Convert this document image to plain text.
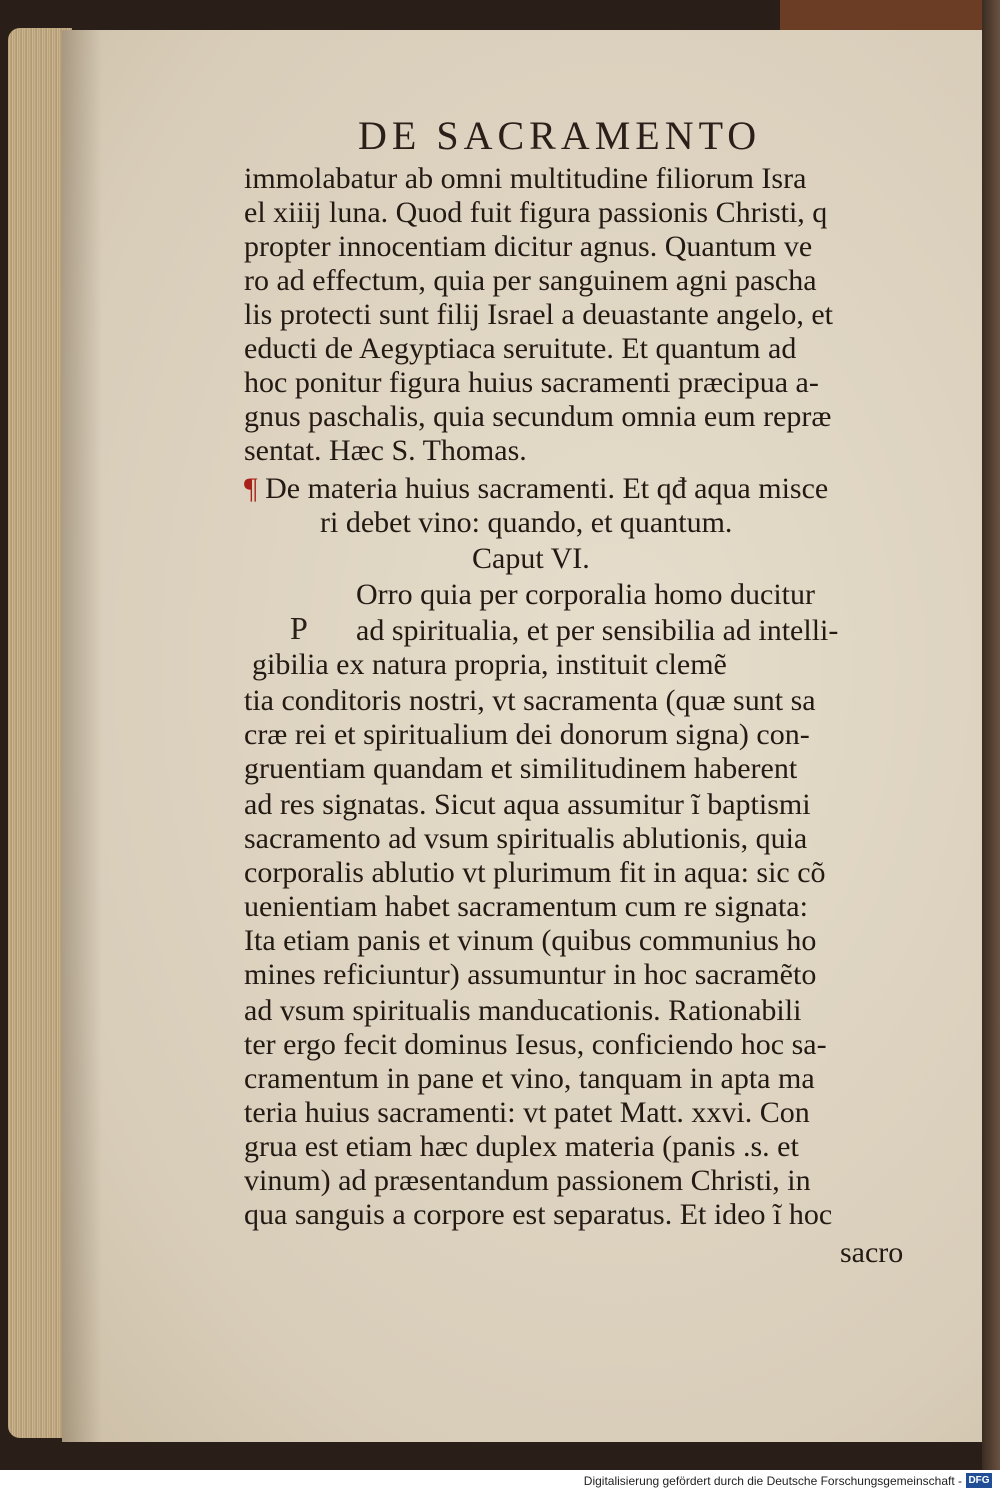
DE SACRAMENTO
immolabatur ab omni multitudine filiorum Isra
el xiiij luna. Quod fuit figura passionis Christi, q
propter innocentiam dicitur agnus. Quantum ve
ro ad effectum, quia per sanguinem agni pascha
lis protecti sunt filij Israel a deuastante angelo, et
educti de Aegyptiaca seruitute. Et quantum ad
hoc ponitur figura huius sacramenti præcipua a-
gnus paschalis, quia secundum omnia eum repræ
sentat. Hæc S. Thomas.
¶ De materia huius sacramenti. Et qđ aqua misce
ri debet vino: quando, et quantum.
Caput VI.
Orro quia per corporalia homo ducitur
ad spiritualia, et per sensibilia ad intelli-
gibilia ex natura propria, instituit clemẽ
tia conditoris nostri, vt sacramenta (quæ sunt sa
cræ rei et spiritualium dei donorum signa) con-
gruentiam quandam et similitudinem haberent
ad res signatas. Sicut aqua assumitur ĩ baptismi
sacramento ad vsum spiritualis ablutionis, quia
corporalis ablutio vt plurimum fit in aqua: sic cõ
uenientiam habet sacramentum cum re signata:
Ita etiam panis et vinum (quibus communius ho
mines reficiuntur) assumuntur in hoc sacramẽto
ad vsum spiritualis manducationis. Rationabili
ter ergo fecit dominus Iesus, conficiendo hoc sa-
cramentum in pane et vino, tanquam in apta ma
teria huius sacramenti: vt patet Matt. xxvi. Con
grua est etiam hæc duplex materia (panis .s. et
vinum) ad præsentandum passionem Christi, in
qua sanguis a corpore est separatus. Et ideo ĩ hoc
sacro
P
Digitalisierung gefördert durch die Deutsche Forschungsgemeinschaft - DFG
